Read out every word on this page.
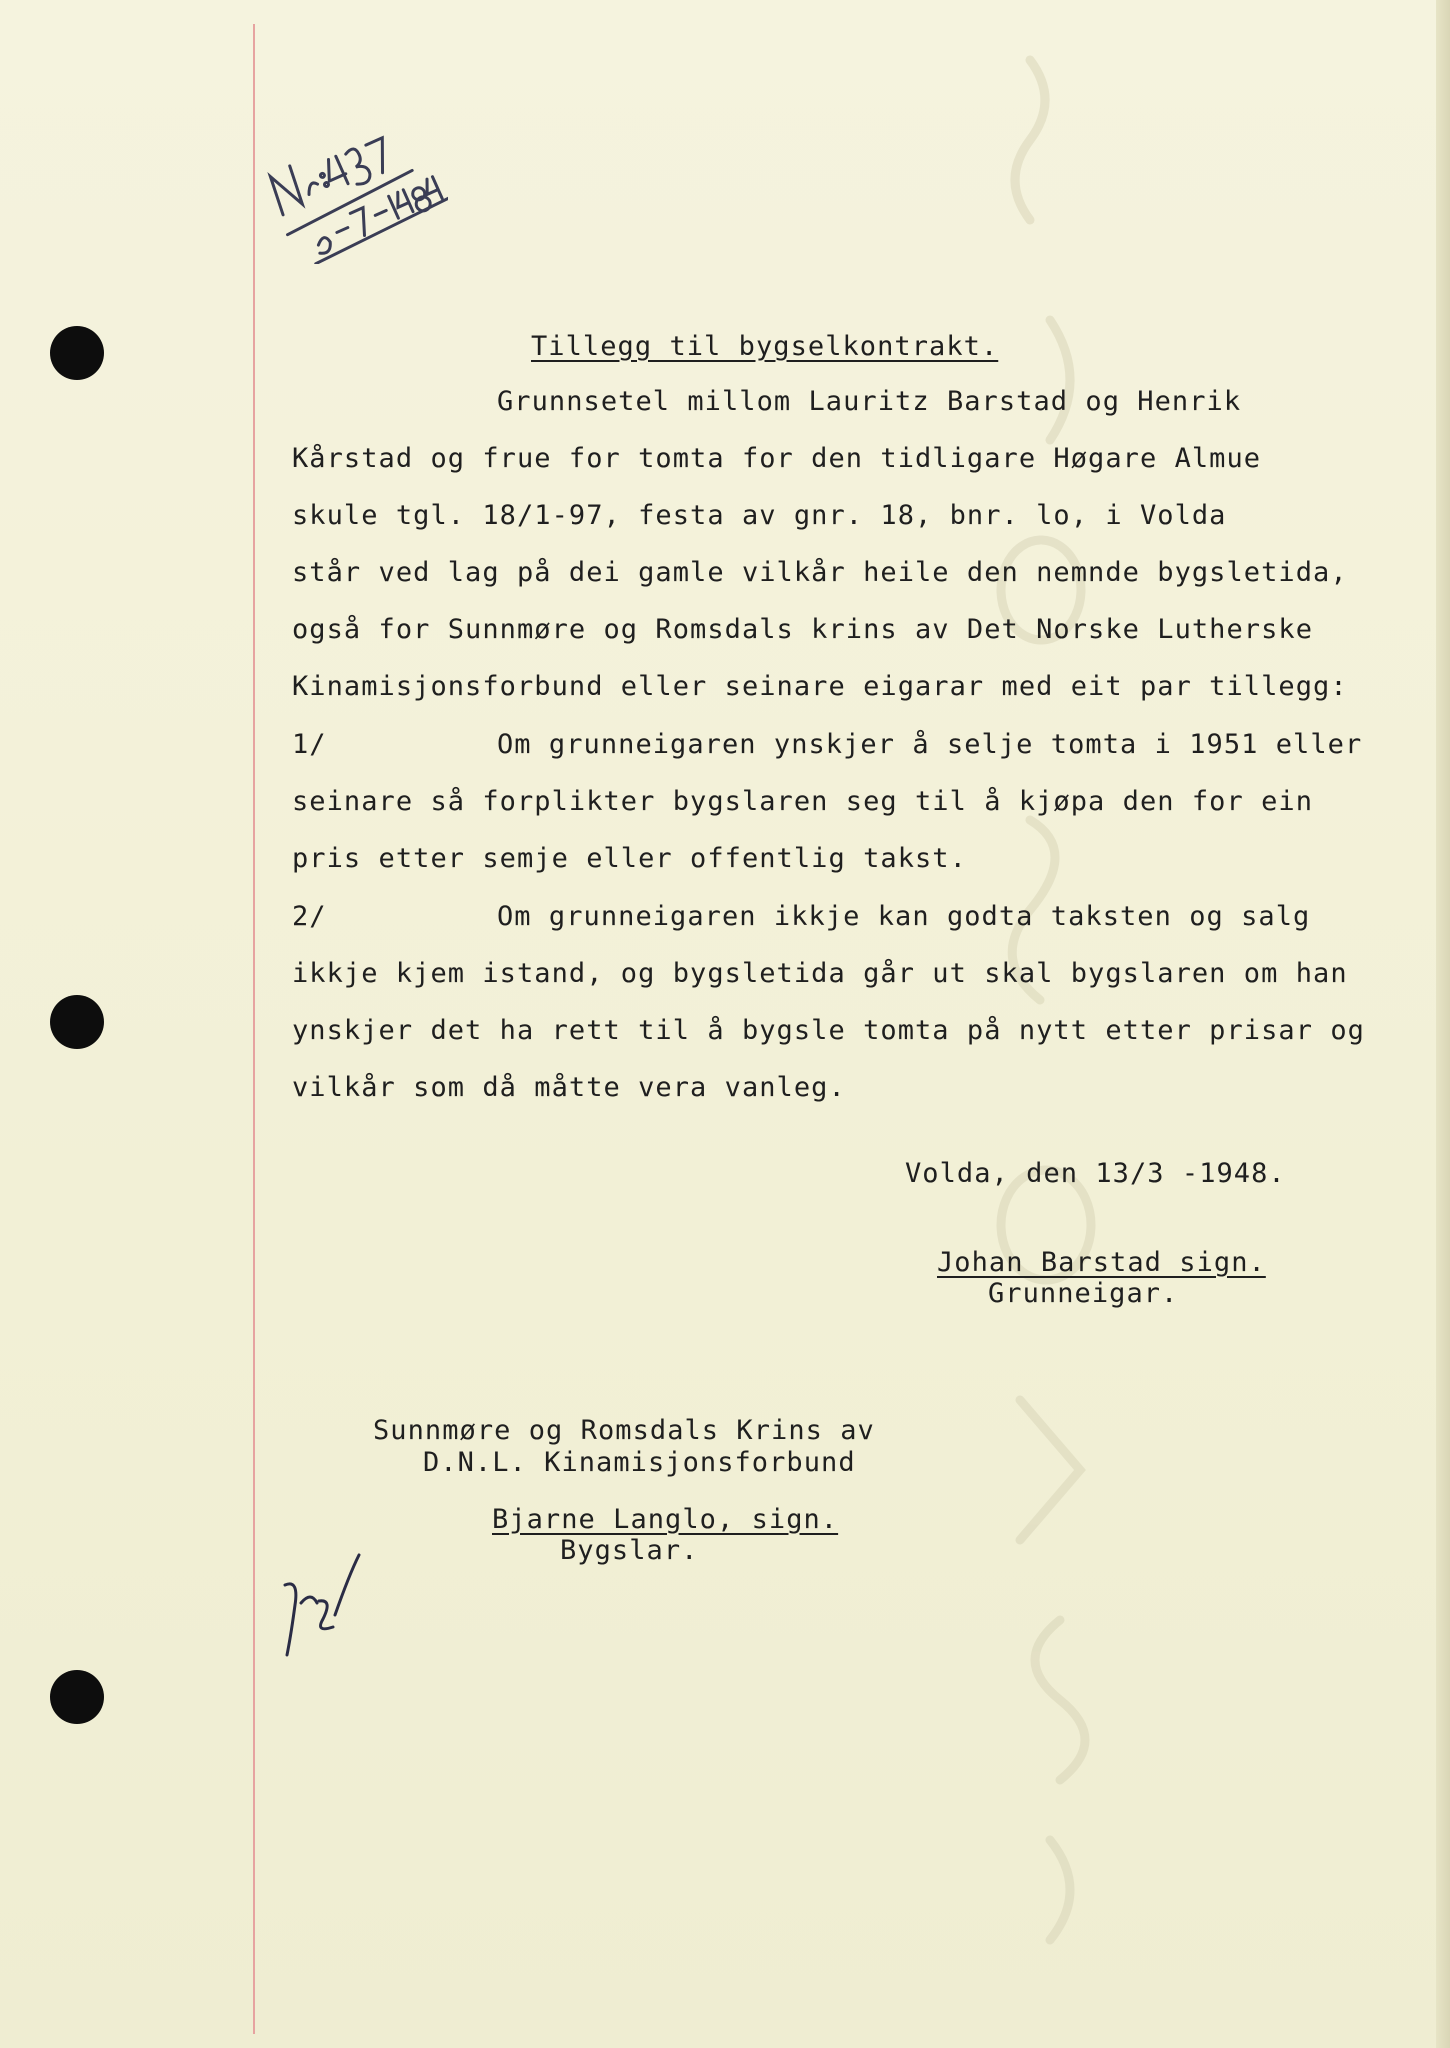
Tillegg til bygselkontrakt.
Grunnsetel millom Lauritz Barstad og Henrik
Kårstad og frue for tomta for den tidligare Høgare Almue
skule tgl. 18/1-97, festa av gnr. 18, bnr. lo, i Volda
står ved lag på dei gamle vilkår heile den nemnde bygsletida,
også for Sunnmøre og Romsdals krins av Det Norske Lutherske
Kinamisjonsforbund eller seinare eigarar med eit par tillegg:
1/	Om grunneigaren ynskjer å selje tomta i 1951 eller
seinare så forplikter bygslaren seg til å kjøpa den for ein
pris etter semje eller offentlig takst.
2/	Om grunneigaren ikkje kan godta taksten og salg
ikkje kjem istand, og bygsletida går ut skal bygslaren om han
ynskjer det ha rett til å bygsle tomta på nytt etter prisar og
vilkår som då måtte vera vanleg.
Volda, den 13/3 -1948.
Johan Barstad sign.
Grunneigar.
Sunnmøre og Romsdals Krins av
D.N.L. Kinamisjonsforbund
Bjarne Langlo, sign.
Bygslar.
